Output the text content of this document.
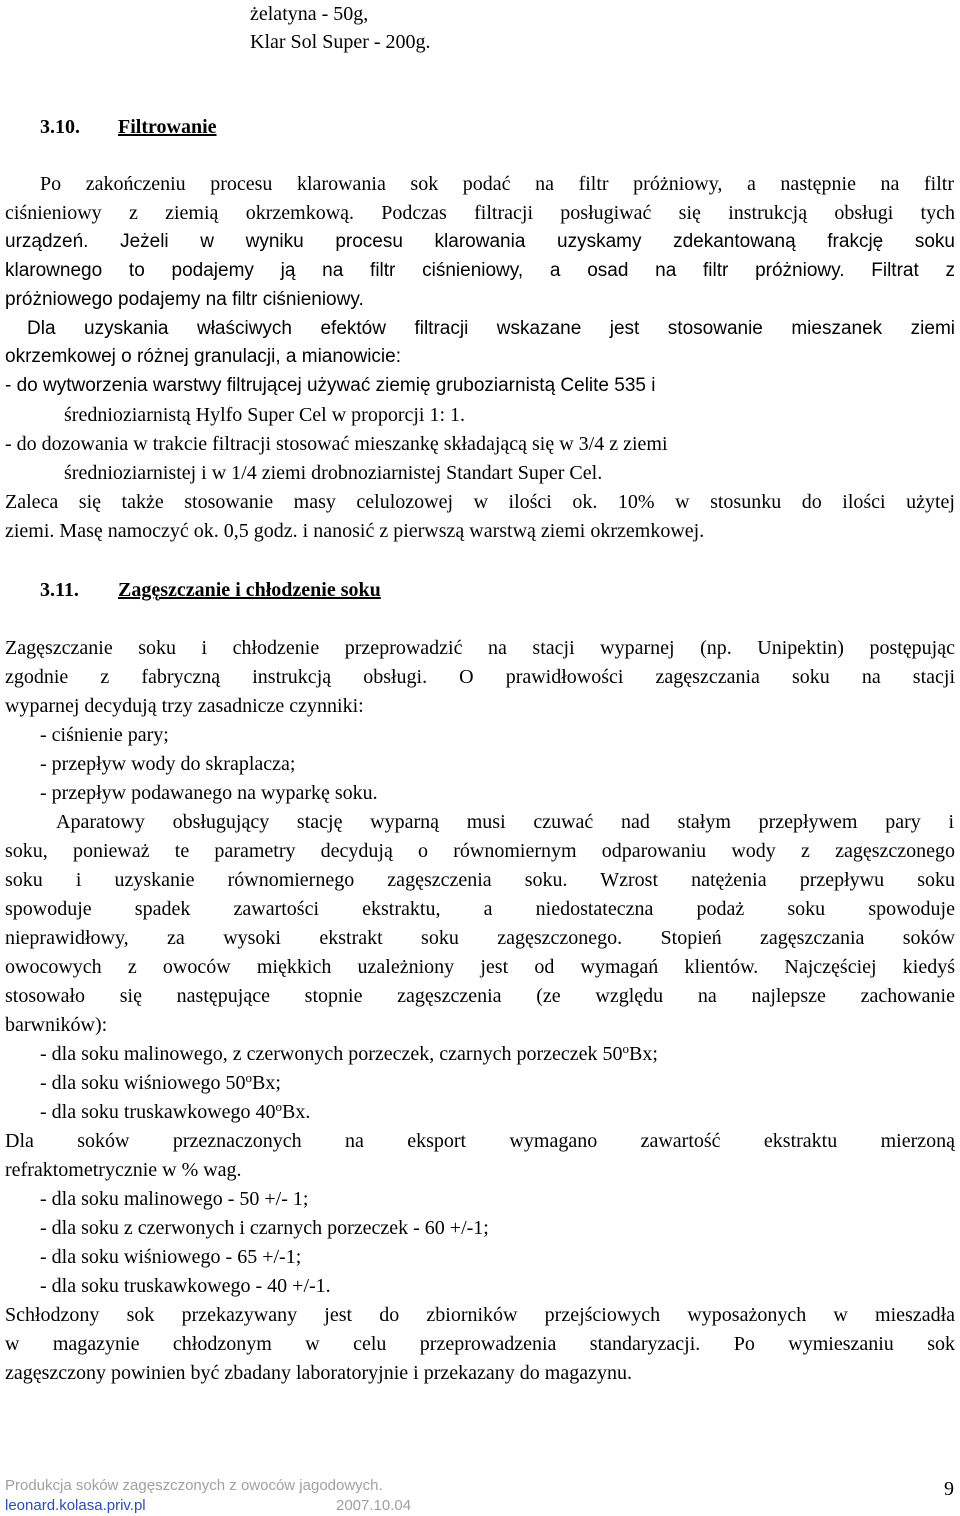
żelatyna - 50g,
Klar Sol Super - 200g.
3.10. Filtrowanie
Po zakończeniu procesu klarowania sok podać na filtr próżniowy, a następnie na filtr
ciśnieniowy z ziemią okrzemkową. Podczas filtracji posługiwać się instrukcją obsługi tych
urządzeń. Jeżeli w wyniku procesu klarowania uzyskamy zdekantowaną frakcję soku
klarownego to podajemy ją na filtr ciśnieniowy, a osad na filtr próżniowy. Filtrat z
próżniowego podajemy na filtr ciśnieniowy.
Dla uzyskania właściwych efektów filtracji wskazane jest stosowanie mieszanek ziemi
okrzemkowej o różnej granulacji, a mianowicie:
- do wytworzenia warstwy filtrującej używać ziemię gruboziarnistą Celite 535 i
średnioziarnistą Hylfo Super Cel w proporcji 1: 1.
- do dozowania w trakcie filtracji stosować mieszankę składającą się w 3/4 z ziemi
średnioziarnistej i w 1/4 ziemi drobnoziarnistej Standart Super Cel.
Zaleca się także stosowanie masy celulozowej w ilości ok. 10% w stosunku do ilości użytej
ziemi. Masę namoczyć ok. 0,5 godz. i nanosić z pierwszą warstwą ziemi okrzemkowej.
3.11. Zagęszczanie i chłodzenie soku
Zagęszczanie soku i chłodzenie przeprowadzić na stacji wyparnej (np. Unipektin) postępując
zgodnie z fabryczną instrukcją obsługi. O prawidłowości zagęszczania soku na stacji
wyparnej decydują trzy zasadnicze czynniki:
- ciśnienie pary;
- przepływ wody do skraplacza;
- przepływ podawanego na wyparkę soku.
Aparatowy obsługujący stację wyparną musi czuwać nad stałym przepływem pary i
soku, ponieważ te parametry decydują o równomiernym odparowaniu wody z zagęszczonego
soku i uzyskanie równomiernego zagęszczenia soku. Wzrost natężenia przepływu soku
spowoduje spadek zawartości ekstraktu, a niedostateczna podaż soku spowoduje
nieprawidłowy, za wysoki ekstrakt soku zagęszczonego. Stopień zagęszczania soków
owocowych z owoców miękkich uzależniony jest od wymagań klientów. Najczęściej kiedyś
stosowało się następujące stopnie zagęszczenia (ze względu na najlepsze zachowanie
barwników):
- dla soku malinowego, z czerwonych porzeczek, czarnych porzeczek 50$^o$Bx;
- dla soku wiśniowego 50$^o$Bx;
- dla soku truskawkowego 40$^o$Bx.
Dla soków przeznaczonych na eksport wymagano zawartość ekstraktu mierzoną
refraktometrycznie w % wag.
- dla soku malinowego - 50 +/- 1;
- dla soku z czerwonych i czarnych porzeczek - 60 +/-1;
- dla soku wiśniowego - 65 +/-1;
- dla soku truskawkowego - 40 +/-1.
Schłodzony sok przekazywany jest do zbiorników przejściowych wyposażonych w mieszadła
w magazynie chłodzonym w celu przeprowadzenia standaryzacji. Po wymieszaniu sok
zagęszczony powinien być zbadany laboratoryjnie i przekazany do magazynu.
Produkcja soków zagęszczonych z owoców jagodowych.
leonard.kolasa.priv.pl	2007.10.04
9
